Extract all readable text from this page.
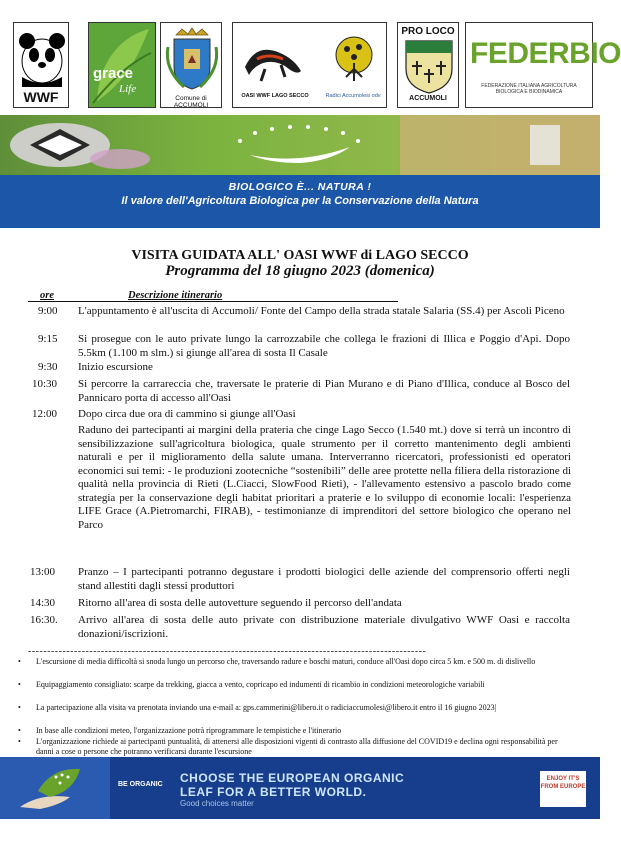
WWF
grace
Life
Comune di ACCUMOLI
OASI WWF LAGO SECCO	Radici Accumolesi odv
PRO LOCO
ACCUMOLI
FEDERBIO
FEDERAZIONE ITALIANA AGRICOLTURA BIOLOGICA E BIODINAMICA
BIOLOGICO È... NATURA !
Il valore dell'Agricoltura Biologica per la Conservazione della Natura
VISITA GUIDATA ALL' OASI WWF di LAGO SECCO
Programma del 18 giugno 2023 (domenica)
ore	Descrizione itinerario
9:00	L'appuntamento è all'uscita di Accumoli/ Fonte del Campo della strada statale Salaria (SS.4) per Ascoli Piceno
9:15	Si prosegue con le auto private lungo la carrozzabile che collega le frazioni di Illica e Poggio d'Api. Dopo 5.5km (1.100 m slm.) si giunge all'area di sosta Il Casale
9:30	Inizio escursione
10:30	Si percorre la carrareccia che, traversate le praterie di Pian Murano e di Piano d'Illica, conduce al Bosco del Pannicaro porta di accesso all'Oasi
12:00	Dopo circa due ora di cammino si giunge all'Oasi
Raduno dei partecipanti ai margini della prateria che cinge Lago Secco (1.540 mt.) dove si terrà un incontro di sensibilizzazione sull'agricoltura biologica, quale strumento per il corretto mantenimento degli ambienti naturali e per il miglioramento della salute umana. Interverranno ricercatori, professionisti ed operatori economici sui temi: - le produzioni zootecniche “sostenibili” delle aree protette nella filiera della ristorazione di qualità nella provincia di Rieti (L.Ciacci, SlowFood Rieti), - l'allevamento estensivo a pascolo brado come strategia per la conservazione degli habitat prioritari a praterie e lo sviluppo di economie locali: l'esperienza LIFE Grace (A.Pietromarchi, FIRAB), - testimonianze di imprenditori del settore biologico che operano nel Parco
13:00	Pranzo – I partecipanti potranno degustare i prodotti biologici delle aziende del comprensorio offerti negli stand allestiti dagli stessi produttori
14:30	Ritorno all'area di sosta delle autovetture seguendo il percorso dell'andata
16:30.	Arrivo all'area di sosta delle auto private con distribuzione materiale divulgativo WWF Oasi e raccolta donazioni/iscrizioni.
--------------------------------------------------------------------------------------------------------
• L'escursione di media difficoltà si snoda lungo un percorso che, traversando radure e boschi maturi, conduce all'Oasi dopo circa 5 km. e 500 m. di dislivello
• Equipaggiamento consigliato: scarpe da trekking, giacca a vento, copricapo ed indumenti di ricambio in condizioni meteorologiche variabili
• La partecipazione alla visita va prenotata inviando una e-mail a: gps.cammerini@libero.it o radiciaccumolesi@libero.it entro il 16 giugno 2023|
• In base alle condizioni meteo, l'organizzazione potrà riprogrammare le tempistiche e l'itinerario
• L'organizzazione richiede ai partecipanti puntualità, di attenersi alle disposizioni vigenti di contrasto alla diffusione del COVID19 e declina ogni responsabilità per danni a cose o persone che potranno verificarsi durante l'escursione
BE ORGANIC CHOOSE THE EUROPEAN ORGANIC
LEAF FOR A BETTER WORLD.
Good choices matter
ENJOY IT'S FROM EUROPE
